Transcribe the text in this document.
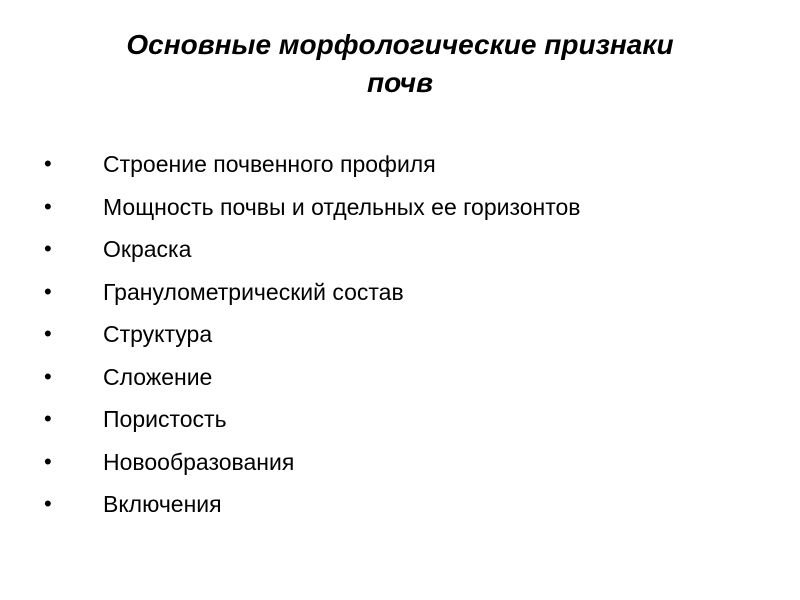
Основные морфологические признаки
почв
• Строение почвенного профиля
• Мощность почвы и отдельных ее горизонтов
• Окраска
• Гранулометрический состав
• Структура
• Сложение
• Пористость
• Новообразования
• Включения
